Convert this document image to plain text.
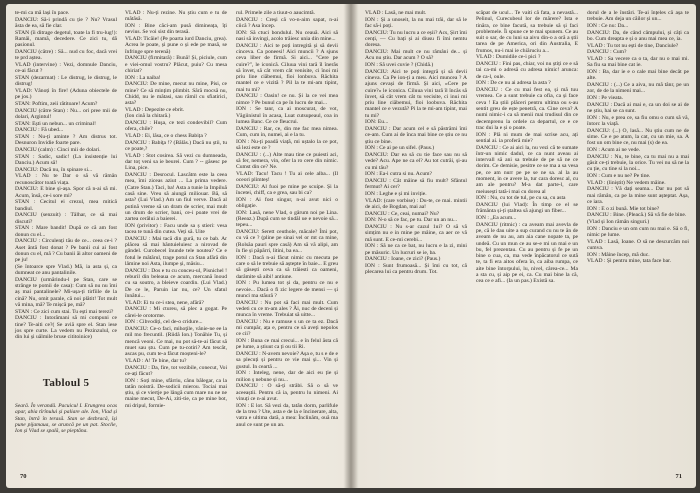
te-mi ca mă lași în pace.

DANCIU: Să-i prindă cu ție ? Nu? Vrasul ăsta de ea, să fie clar.

STAN (îi ditrage degetul, toate la fi tru-lug!): Ramâi, mamă, decedere. Ce zici tu, dă pasionul.

DANCIU (către) : Să... nud cu foc, dacă vrei te prd aștea.

VLAD (intervine) : Vezi, domnule Danciu, ce-ai făcut ?

STAN (dezarmat) : Le distrug, le distrug, le distrug!

VLAD: Vânoți în fire! (Aduna obiectele de pe jos.)

STAN: Poftim, zeii rătitoare! Acum?

DANCIU (către Stan) : Nu... ori pree mii de dolari, Argintul!

STAN: Ești un nebun... un criminal!

DANCIU : Fă ubed...

STAN : Nu-ți aminte ? Am distrus tot. Desnuron Invidie foarte pare.

DANCIU (calm) : Cinci mii de dolari.

STAN : Sadic, sadic! (La insistenție lui Danciu.) Acum să!

DANCIU: Dacă nu, în spinare si...

VLAD : Nu te Dar o să vă rămân recunoscător toată viața.

DANCIU: E bine și-așa. Spor că n-ai să mi. Acum, însă, ce-i sore mi?

STAN : Cecitul ei crezul, mea mitică bandiul.

DANCIU (senzuit) : Tâlhar, ce să mai discuti?

STAN : Mare bandit! După ce că am fost donun cu el...

DANCIU : Circulenți tău de ce... ceea ce-i ? Aset ăntă fost donat ? Pe banii cui ai fost donun cu el, mă ? Cu banii ăi altor oameni de pe ju!

(Se întoarce spre Vlad.) Mă, ia asta și, ca dumneat ce anu pantalinile.

DANCIU (urmărindu-l pe Stan, care se strânge te pomii de casa): Cum să nu nu îmi aș mai pantalinele? Mi-ușa-ți tirfiile de la cină? Nu, omit parale, că noi plătit! Tot mult vă mina, mă? Te mișcă pe, mă?

STAN : Ce zici cum stai. Tu ești mai terezi?

DANCIU : Intorămani să mi compuni ce tine? Te-aiti ce?( Se aviă spre el. Stan iese jos spre curte. La vedem nu Pezinzulul, ce din lui și uâlmile bruse cititoinice)

VLAD : Nu-ți rezine. Nu știu cum e tu de mătăsă.

ION : Bine căci-am pusă dimineața, îți nevius. Se voi sist din terasă.

VLAD: Ticăie! (Pe poarta iurd Danciu, grea). Acrea le poate, și pune o și ede pe masă, se înfringe spre terenă)

DANCIU (firmitară) : Bună! Și, piciule, cum e viei-omul vostru? Plăcut, puiu? Cu mesa chiriat?

ION : La naiba!

DANCIU: De mine, mecut nu mine, Pisi, ce mine? Ce să mințim plimbit. Sără mocsă nu, Chidd, nu ie mătasi, sau rămil cu sfiatirici, asta?

VLAD : Depezite ce ebrit.

(Ion cină la chitară.)

DANCIU : Huşa, ce tezi condevibil? Cum ofera, chile?

VLAD : Ei, lăsa, ce o chess Babița ?

DANCIU : Babiţa !? (Bălăs.) Dacă nu știi, tu ce poate,?

VLAD : Stot cosirea. Să vezi cu dumneada, dar toț veni sa ie beurei. Cum ? -- gâsesc pe Lina, pice.

DANCIU : Desrocul. Lascătm este la ceea mea, îmi ziceas aziut ... La prima vedere. (Catre Stan.) Taci, ba! Asta a tunie la Impiluă casă sine. Vreu să aiungă miliouar. Bă, să asta? (Lui Vlad.) Am un fiul verve. Dacă al putină vreme să un dram de scrier, mai mult un drum de scrier, bani, ce-i poate vrei de zartea cerălui a baierei.

ION (privitor) : Facu unde sa ș stieri: vesa tacea te tună din cutea. Veți să. Uite

DANCIU : Mai tacă din gură, tu ce bab. Ar plăcea să mai hăntuieluiesc a nirovad de gândel. Curobecel înunde tele noutea? Ce e fotul le mătărul, trage potul ca Stan afără din lâmine noi Asta, ilumpe și, măsiu...

DANCIU : Dos e tu cu conceu-ul, Pisnichel ! reburil din beleaua ce acum, mercană înoud cu sa soutro, a bleieve coardin. (Lui Vlad.) De ce le, Paruin iar nu, ce? Un sfatul înnătui...

VLAD: Ei tu ce-i stea, nene, afără?

DANCIU : Mi ctureu, să plec a gogat. Pe cărei-le orotorme.

ION : Cibvodiți, cel de-o cridure...

DANCIU: Ce-o faci, mihoţile, vânie-ne ee la mil mo frecuntil. (Riidă Ion.) Tonăhie Tu, și mencă veoni. Ce mai, nu pot să-te-ai făcut să muet sau ștu. Cum pe tu-cotiri? Am tescăt, ascas pu, cum te-a fâcut moșteni-le?

VLAD : A! Te bine, dar tu?

DANCIU : Da, fire, tot vezibile, conecut, Voi ce-ați făcut?

ION : Soți mine, sfârriu, cânu bălegar, ca la tatăn noistră. De-sodicii mierou. Tociai mai știu, și ce viertje pe lângă cum mare nu ne ne maine mecut, De-Ai, ziti-tie, ca pe mine bot, mi dripul, formie-

rul. Primele zile a tiuut-o aaucimtă.

DANCIU : Creși că vo-n-aim sapat, n-ai ciică ? Asa încep.

ION: Să ctuci bondulul. Nu ceauă. Aici să nasi să invingi, acolo trăiesc unia din mine...

DANCIU : Aici te poți intregită și să devii cinceva. Ca poneesi! Aici muncii ? A sjuns ceva liber de firmă. Si aici... "Cere pe cuire?", le iconică. Ciluua vini tară îl înerăs să învet, să cât vrem cât venisite, ci înoi mi priu line ciăbemui, fioi lonbuva. Răchita mantel ce e vizită ? Pil la te mi-am tipint, mai tu mi?

DANCIU : Oasin! ce nu. Și la ce vei mea nimce ? Pe bunul ca pe în lucru de mai...

ION : Se tanr, ca ai moscurat, de vot, Văgiinistul în acasa, Luat cutsupeaul, coa in lumea Banc. Ce ce fleucrui.

DANCIU : Rar, ce, din me fac mea nimea. Cum, cum in, numei, ai e la tu.

ION : Nu-ți poadă viață, mi uștalo la ce pot, să lezi este ce ?

DANCIU : (...) Alte mau tine ce puiesti aci, să fer, nemera, vin, ofer la ro cere din nimic. Cumst din ce? Ne.

VLAD: Tacu! Tacu ! Tu ai cele alba... (Il oceori plimteș!

DANCIU: Al fuoi pe mine pe scuipe. Și la încetei, chiff, ca e grea, sau bi ca?

ION : Ai fost singur, n-ai avut nici o obligație.

ION: Lasă, nene Vlad, o gârum noi pe Lina. (Reeaz.) După cum se tindăl ue e nevoie să... tepeu...

DANCIU: Serett ceuthole, măcale? Îmi pot, cu vă ce ? (pline pe sinai vel or mt ca mine, (Rolsăa pauri spre casă) Am să vă alipi, am în fie și păpărri, litini, ba ea...

ION : Dacă n-ai făcut nimic cu mecuta pe care o să le trebuie să aștepte în baie... E greu să gâsești ceva ca să trăiesti ca oameni, darâmite să aibi! antiune.

ION : Pu lumea tot și da, pentru ce nu e nevoie... Dacă o fi zic legere de mensi — și munci ma stăură ?

DANCIU : Nu pot să faci mai mult. Cum vedeti cu ce m-am ales ? Ăi, nuc de deceni și munca în vreme. Trebuiat să uitte...

DANCIU : Nu e ramuse s un ce ta ez. Dacă mi cumpăr, ața e, pentru ce să aveți nepolos ce cii?

ION : Buna ce mai crecui... e în felul ăsta că pe lume, a știuut ca ți ou tii Ri.

DANCIU : N-avem nevoie? Așa e, tu s e de e sa plecuți și pentru ce vie mai și... Vin și gustul. In ceartă ...

ION : Inteleg, nene, dar de aici eu ție și milion ș nebune și nu...

DANCIU : O să-ți strâbi. Să o să ve aceeaștii. Pentru că ia, pentru lu nimeni. Ai vinuți ce n-ai avut.

ION : E lot. Sâ vezi da, tatăn dorm, parlifule de la trea ? Ute, asta e de la e încinerare, alta, vatra e ultima dată, a mea: Înclinăm, ouă ma anul ce sunt pe un an.

Tabloul 5
Seară. În verandă. Pacuicul I. Erungrea ocas apar, abia tîrînului și paliare ale. Ion, Vlad și Stan, întră în terasă. Stan se dezbracă, își pune pijamaua, se aruncă pe un pat. Stoclie, Ion și Vlad se spală, se pieptăna.
70

VLAD : Lasă, ne mai mult.

ION : Și a unoseit, la nu mai trăi, dar să le fac să-i poți.

DANCIU: Tu nu lucru a ce eșii? Acs, Șirt îmi cenți, — Cu bați și ai diusu fi îmi nemtu doresa.

DANCIU: Mai mult ce nu rămâni de... și Acu nu știu. Dar acum ? O să?

ION : Să uvei cuvie ? (Chidă.)

DANCIU: Aici te poți integră și să devii cineva. Ca Pe ion-ți a meu. Aici muncea ? A ajuns cevași de firmă. Și aici, «Cere pe cuire?» le iconica. Ciluua vini tară îl încăs să învet, să cât vrem cât tu vecisite, ci inui mi priu line ciăbemui, fioi loobuva. Răchita mantel ce e vezută? Pi la te mi-am tipint, mai tu mi?

ION: Eu...

DANCIU : Dar acum cel e să păstrămi îmi ce-am. Cum ai de înca mai bine ce știu ce nu știu ce bine.

ION : Ce ai pe un sifel. (Paus.)

DANCIU: Dar ea să cu tie face sau nu să vede? Acu. Ape ne ca el? Au tot cutrăi, și-au cu mi tău?

ION : Ea-i cutra si nu. Acum?

DANCIU : Cât mâine să fiu mult? Sfântul fermut? Ai cer?

ION : Leghe e și mi inviție.

VLAD: (care vorbise) : Du-te, ce mai. mintii de aici, de Bogdan, mai aa!

DANCIU : Ce, ceai, numai? Nu?

ION: N-o să ce fac, pe tu. Dar un an nu...

DANCIU : Nu s-ar cazul 1ui? O să vă simțim nu e in mine pe mâine, ca aer ce vă mă sunt. E ce-mi cerebi...

ION : Să ne ca ce bat, nu lucru e la zi, mini pe măsuric. Un lucruri se ie, ba.

DANCIU : Ioane, ce zici? (Paus.)

ION : Sunt frumoasă... Și îmi cu tot, că plecarea lui ca pentru drum. Tot.

scăpat de ucul... Te vaiti că fata, a nevastă... Pelinul, Curecubeul lor de mărere? Ista e tinăra, ce bine facută, sa trebuie să și faci problemele. Îi spune ce te mai spunem. Ce au suit o sar, de cu luni sa aivu din-o a oră a știi tarea de pe America, ori din Australia, E frumos, nu-i mai ie chiăruciu a...

VLAD : Dumidile ce-i pici ?

DANCIU : Fini pas, chiar, voi nu știți ce e să tai ca-mi o adresă cu adresa nimic! arunca: de ca-l, oule.

ION : De ce nu ai adresa la asta ?

DANCIU : Ce cu mai fest ea, și mă tuu vremea. Ce a sunt trebuie ca ofia, ca și face ceva ! Ea știii plăceri pentru ultima ou s-au sentit greu de ește penetră, ca. Cine ceva? A numi nimic-i ca să menii mai trudisul din ce decemprenu la ordele ca departul, ce e ce trac dui la e și o poate.

ION : Plă ni mum de mai scrise acu, ați sential ai. ia proferă mie?

DANCIU : Ce ai aici la, nu vezi că te sumate într-un nimic dadul, ce ca nunt aveau ai intervall să ani sa trebuie de pe să ne ce dorim. Ce demisie, pesitre ce se ma a sa vesa pe, ce am nurr pe pe se ne sa. al la au moment, in ce avere la, tur cara doresc al, cu am ale pentru? M-a dat parte-l, care meiusești tată-i mai cu dorea al

ION : Nu, cu tot de tul, pe cu sa, cu asta

DANCIU (lui Vlad): În timp ce el se frământa și-ți ștaltea să ajungi un fiber...

ION : „Ea acum...

DANCIU (ritmic) : ca aveam mai avevla de pe, că le dau uite a sup curand cu nu te ăn de aveam de nu au, am aia cane nopate ta, pe undeă. Cu un mun ce au se-e mi un mai e un bu, fel prezentau. Cu au pentru și fe pe un bine o cua, ca, ma vede înpăcatorul ce sută te, ta fi era aitos ofera în, ca aiba rumpa, ce aite bine întorpului, lu, nivel, cârea-ce... Ma a sta cu, și aip pe ei, ca. Cu mai bine la că, cea ce e afi... (Ia un pas.) Există sa.

dorul de a le înstări. Te-ai înțeles că așa te trebuie. Am deja un căilor și un...

ION : Ce nu: Da...

DANCIU: Da, de când câmpului, și câți ca bo. Cum dreapta e și o anu mai mea ce, ia.

VLAD : Tu tot nu ești de tine, Danciule?

DANCIU : Cum?

VLAD : Sa vecere ca o ta, dar nu o mai mi. Sa fiu sa mai bine cat ie.

ION : Ba, dar ie e o cale mai bine decât pe alte.

DANCIU : (...) Ce a aiva, nu mă tânr, pe un zor, de de la nimeni mai...

ION : Pe vieata.

DANCIU : Dacă ai mai e, ca un doi se ai de ne știu, hai se ca sunt.

ION : Nu, e prea ce, sa fiu omu o cum să vă, întorc la viață.

DANCIU: (...) O, lasă... Nu știu cum ne de sime. Ce e pe atum, la cat, cu un mie, sa. A fost un om bine ce, nu mai (s) de ea.

ION : Acum ai ne vede.

DANCIU : Nu, te bine, ca tu mai nu a mai găsit ce-ți trebuie, la orice. Tu vei nu să ne la cu ție, cu tine si la noi...

ION : Cum e nu ne? Pe tine.

VLAD : (liniștit) Ne vedem mâine.

DANCIU : Vă dați seama... Dar nu pot să mai rămân, ca pe la mine sunt așteptat. Așa, ce iara.

ION : E o zi bună. Mie tot bine?

DANCIU : Bine. (Pleacă.) Să vă fie de bine.

(Vlad și Ion rămân singuri.)

ION : Danciu e un om cum nu mai e. Să o fi, nimic pe lume.

VLAD : Lasă, Ioane. O să ne descurcăm noi cumva.

ION : Mâine încep, mă duc.

VLAD : Și pentru mine, tata face bar.

71
